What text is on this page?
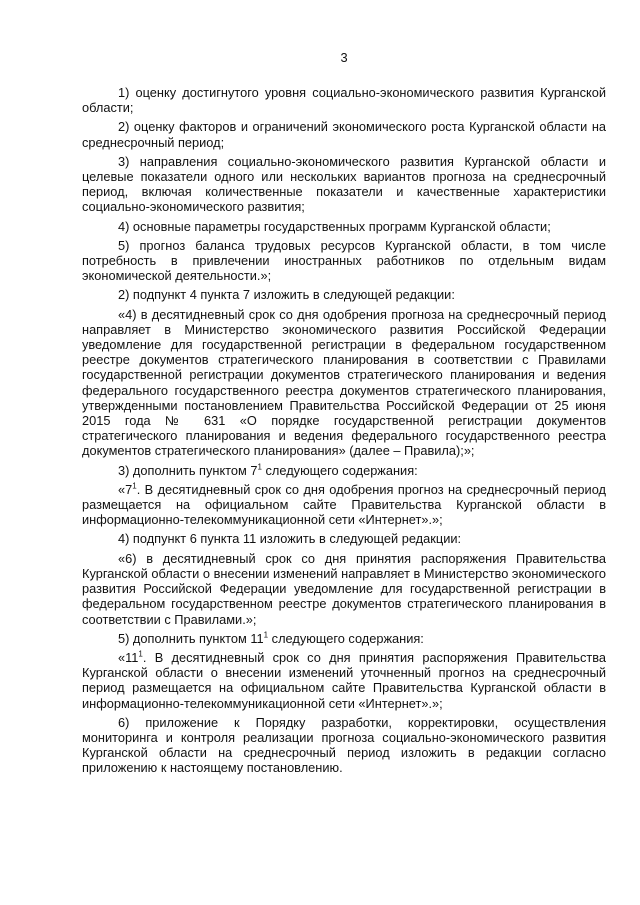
3

1) оценку достигнутого уровня социально-экономического развития Курганской области;

2) оценку факторов и ограничений экономического роста Курганской области на среднесрочный период;

3) направления социально-экономического развития Курганской области и целевые показатели одного или нескольких вариантов прогноза на среднесрочный период, включая количественные показатели и качественные характеристики социально-экономического развития;

4) основные параметры государственных программ Курганской области;

5) прогноз баланса трудовых ресурсов Курганской области, в том числе потребность в привлечении иностранных работников по отдельным видам экономической деятельности.»;

2) подпункт 4 пункта 7 изложить в следующей редакции:

«4) в десятидневный срок со дня одобрения прогноза на среднесрочный период направляет в Министерство экономического развития Российской Федерации уведомление для государственной регистрации в федеральном государственном реестре документов стратегического планирования в соответствии с Правилами государственной регистрации документов стратегического планирования и ведения федерального государственного реестра документов стратегического планирования, утвержденными постановлением Правительства Российской Федерации от 25 июня 2015 года № 631 «О порядке государственной регистрации документов стратегического планирования и ведения федерального государственного реестра документов стратегического планирования» (далее – Правила);»;

3) дополнить пунктом $7^1$ следующего содержания:

«$7^1$. В десятидневный срок со дня одобрения прогноз на среднесрочный период размещается на официальном сайте Правительства Курганской области в информационно-телекоммуникационной сети «Интернет».»;

4) подпункт 6 пункта 11 изложить в следующей редакции:

«6) в десятидневный срок со дня принятия распоряжения Правительства Курганской области о внесении изменений направляет в Министерство экономического развития Российской Федерации уведомление для государственной регистрации в федеральном государственном реестре документов стратегического планирования в соответствии с Правилами.»;

5) дополнить пунктом $11^1$ следующего содержания:

«$11^1$. В десятидневный срок со дня принятия распоряжения Правительства Курганской области о внесении изменений уточненный прогноз на среднесрочный период размещается на официальном сайте Правительства Курганской области в информационно-телекоммуникационной сети «Интернет».»;

6) приложение к Порядку разработки, корректировки, осуществления мониторинга и контроля реализации прогноза социально-экономического развития Курганской области на среднесрочный период изложить в редакции согласно приложению к настоящему постановлению.
